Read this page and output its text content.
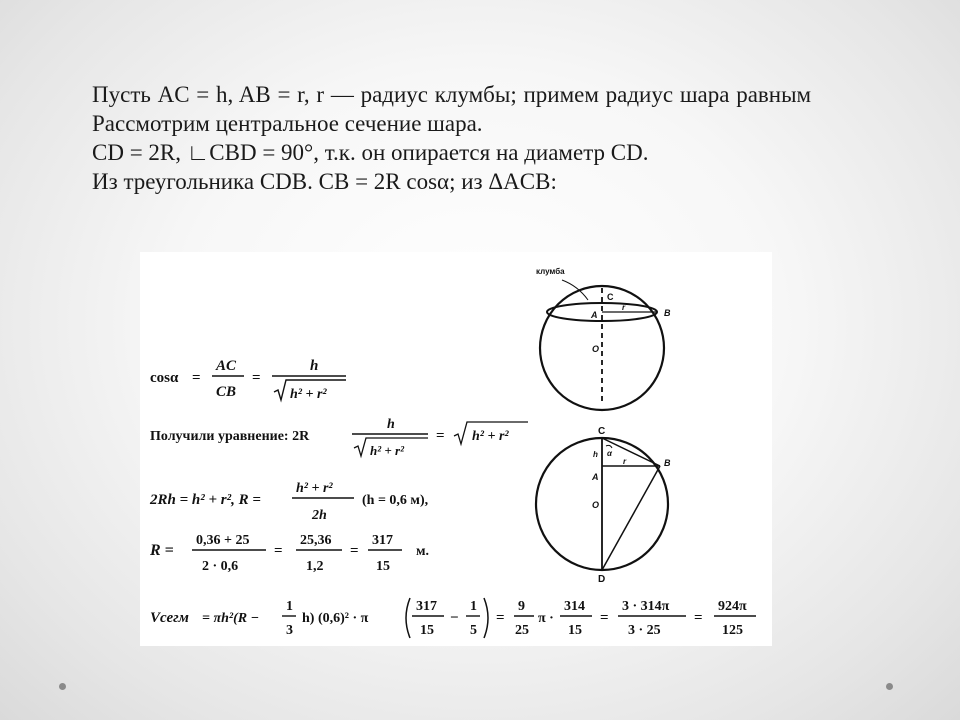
Пусть AC = h, AB = r, r — радиус клумбы; примем радиус шара равным
Рассмотрим центральное сечение шара.
CD = 2R, ∟CBD = 90°, т.к. он опирается на диаметр CD.
Из треугольника CDB. CB = 2R cosα; из ΔACB:
cosα =
AC
CB
=
h
h² + r²
Получили уравнение: 2R
h
h² + r²
= h² + r²
2Rh = h² + r², R =
h² + r²
2h
(h = 0,6 м),
R =
0,36 + 25
2 · 0,6
=
25,36
1,2
=
317
15
м.
Vсегм = πh²(R −
1
3
h) (0,6)² · π
317
15
−
1
5
=
9
25
π ·
314
15
=
3 · 314π
3 · 25
=
924π
125
клумба
C
A	B
O
r
C
h α
A
B
r
O
D
